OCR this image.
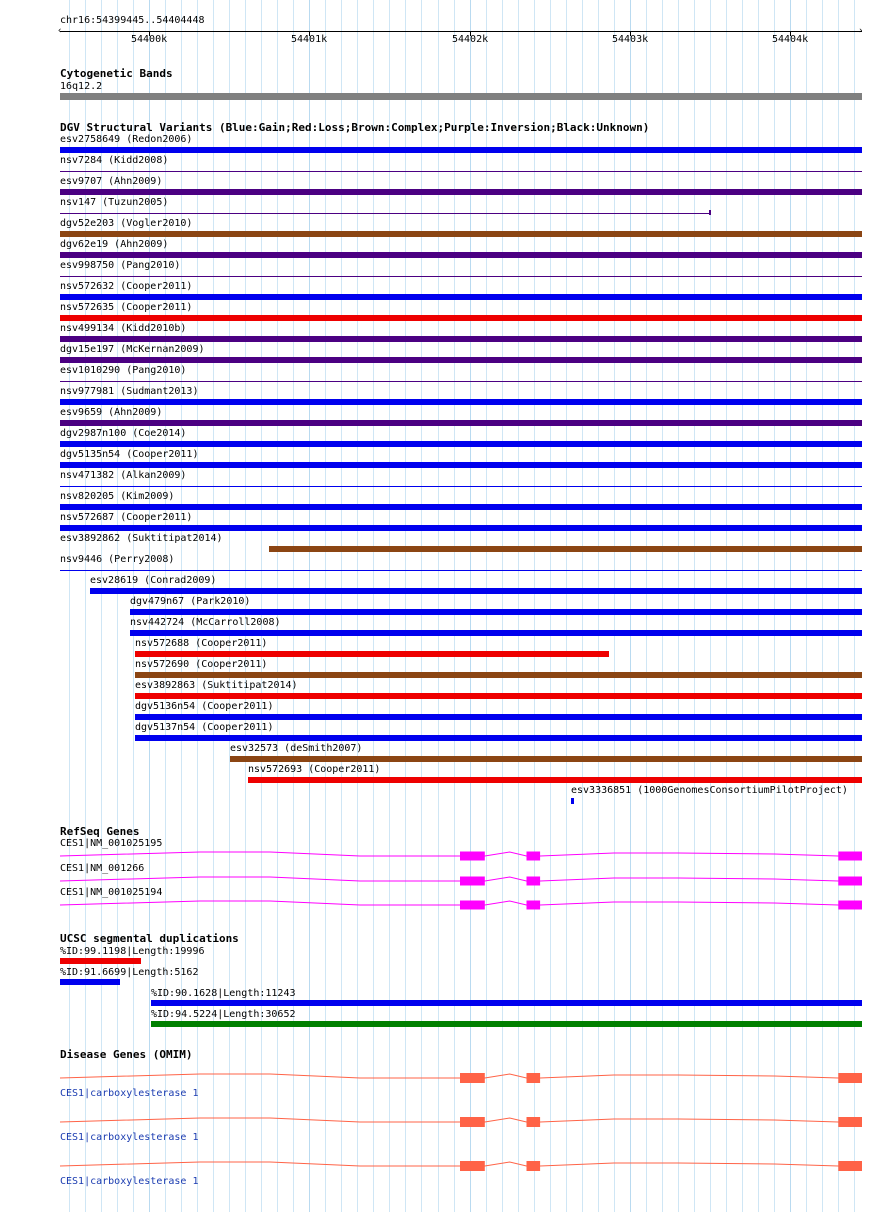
chr16:54399445..54404448
‹	›
54400k	54401k	54402k	54403k	54404k
Cytogenetic Bands
16q12.2
DGV Structural Variants (Blue:Gain;Red:Loss;Brown:Complex;Purple:Inversion;Black:Unknown)
esv2758649 (Redon2006)
nsv7284 (Kidd2008)
esv9707 (Ahn2009)
nsv147 (Tuzun2005)
dgv52e203 (Vogler2010)
dgv62e19 (Ahn2009)
esv998750 (Pang2010)
nsv572632 (Cooper2011)
nsv572635 (Cooper2011)
nsv499134 (Kidd2010b)
dgv15e197 (McKernan2009)
esv1010290 (Pang2010)
nsv977981 (Sudmant2013)
esv9659 (Ahn2009)
dgv2987n100 (Coe2014)
dgv5135n54 (Cooper2011)
nsv471382 (Alkan2009)
nsv820205 (Kim2009)
nsv572687 (Cooper2011)
esv3892862 (Suktitipat2014)
nsv9446 (Perry2008)
esv28619 (Conrad2009)
dgv479n67 (Park2010)
nsv442724 (McCarroll2008)
nsv572688 (Cooper2011)
nsv572690 (Cooper2011)
esv3892863 (Suktitipat2014)
dgv5136n54 (Cooper2011)
dgv5137n54 (Cooper2011)
esv32573 (deSmith2007)
nsv572693 (Cooper2011)
esv3336851 (1000GenomesConsortiumPilotProject)
RefSeq Genes
CES1|NM_001025195
CES1|NM_001266
CES1|NM_001025194
UCSC segmental duplications
%ID:99.1198|Length:19996
%ID:91.6699|Length:5162
%ID:90.1628|Length:11243
%ID:94.5224|Length:30652
Disease Genes (OMIM)
CES1|carboxylesterase 1
CES1|carboxylesterase 1
CES1|carboxylesterase 1
